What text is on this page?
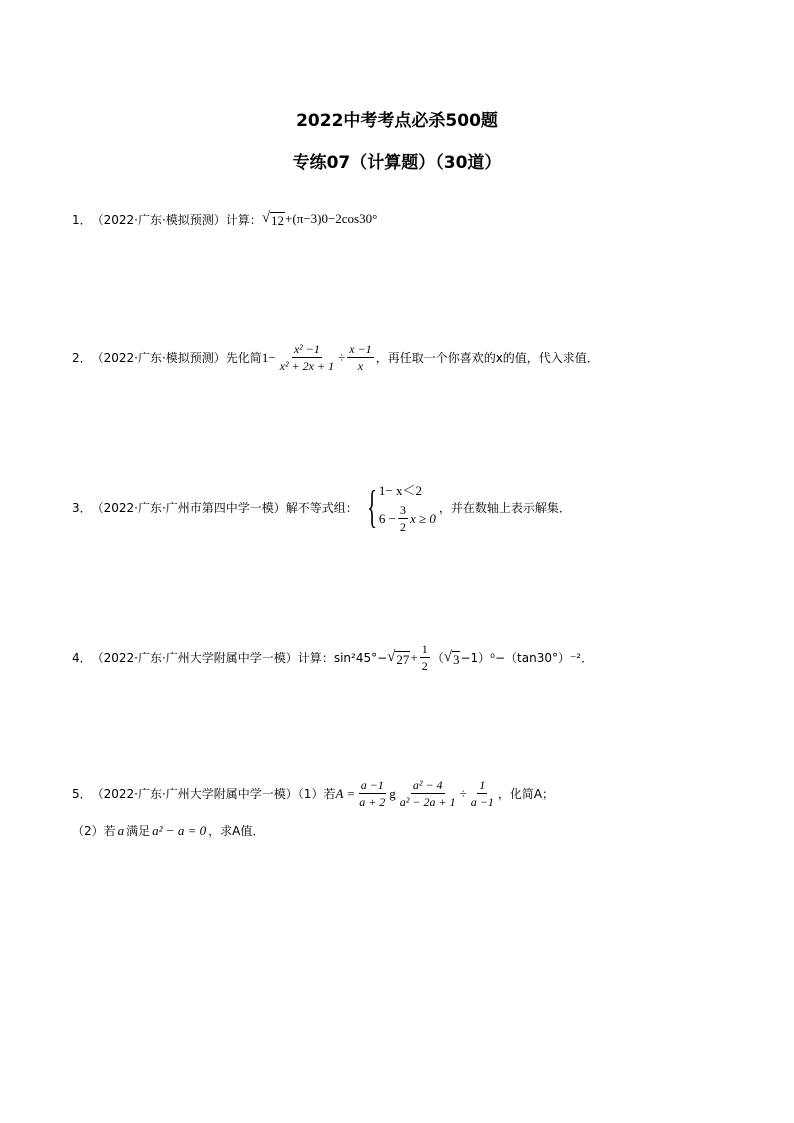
2022中考考点必杀500题
专练07（计算题）（30道）
1． （2022·广东·模拟预测）计算： √ 12 + (π−3) 0 −2cos30°
2． （2022·广东·模拟预测）先化简 $1- \frac{\text{x² −1}}{\text{x² + 2x + 1}} \div \frac{x -1}{x}$ ，再任取一个你喜欢的x的值，代入求值．
3． （2022·广东·广州市第四中学一模）解不等式组： { 1− x＜2
$6 - \frac{3}{2}$ x ≥ 0
，并在数轴上表示解集．
4． （2022·广东·广州大学附属中学一模）计算： sin²45°− √ $27 + \frac{1}{2}$ （ √ 3 −1）⁰−（tan30°）⁻²．
5． （2022·广东·广州大学附属中学一模）（1）若 $A = \frac{a -1}{a + 2}$ g $\frac{\text{a² − 4}}{\text{a² − 2a + 1}} \div \frac{1}{a -1}$ ，化简A；
（2）若 a 满足 a² − a = 0 ，求A值．
